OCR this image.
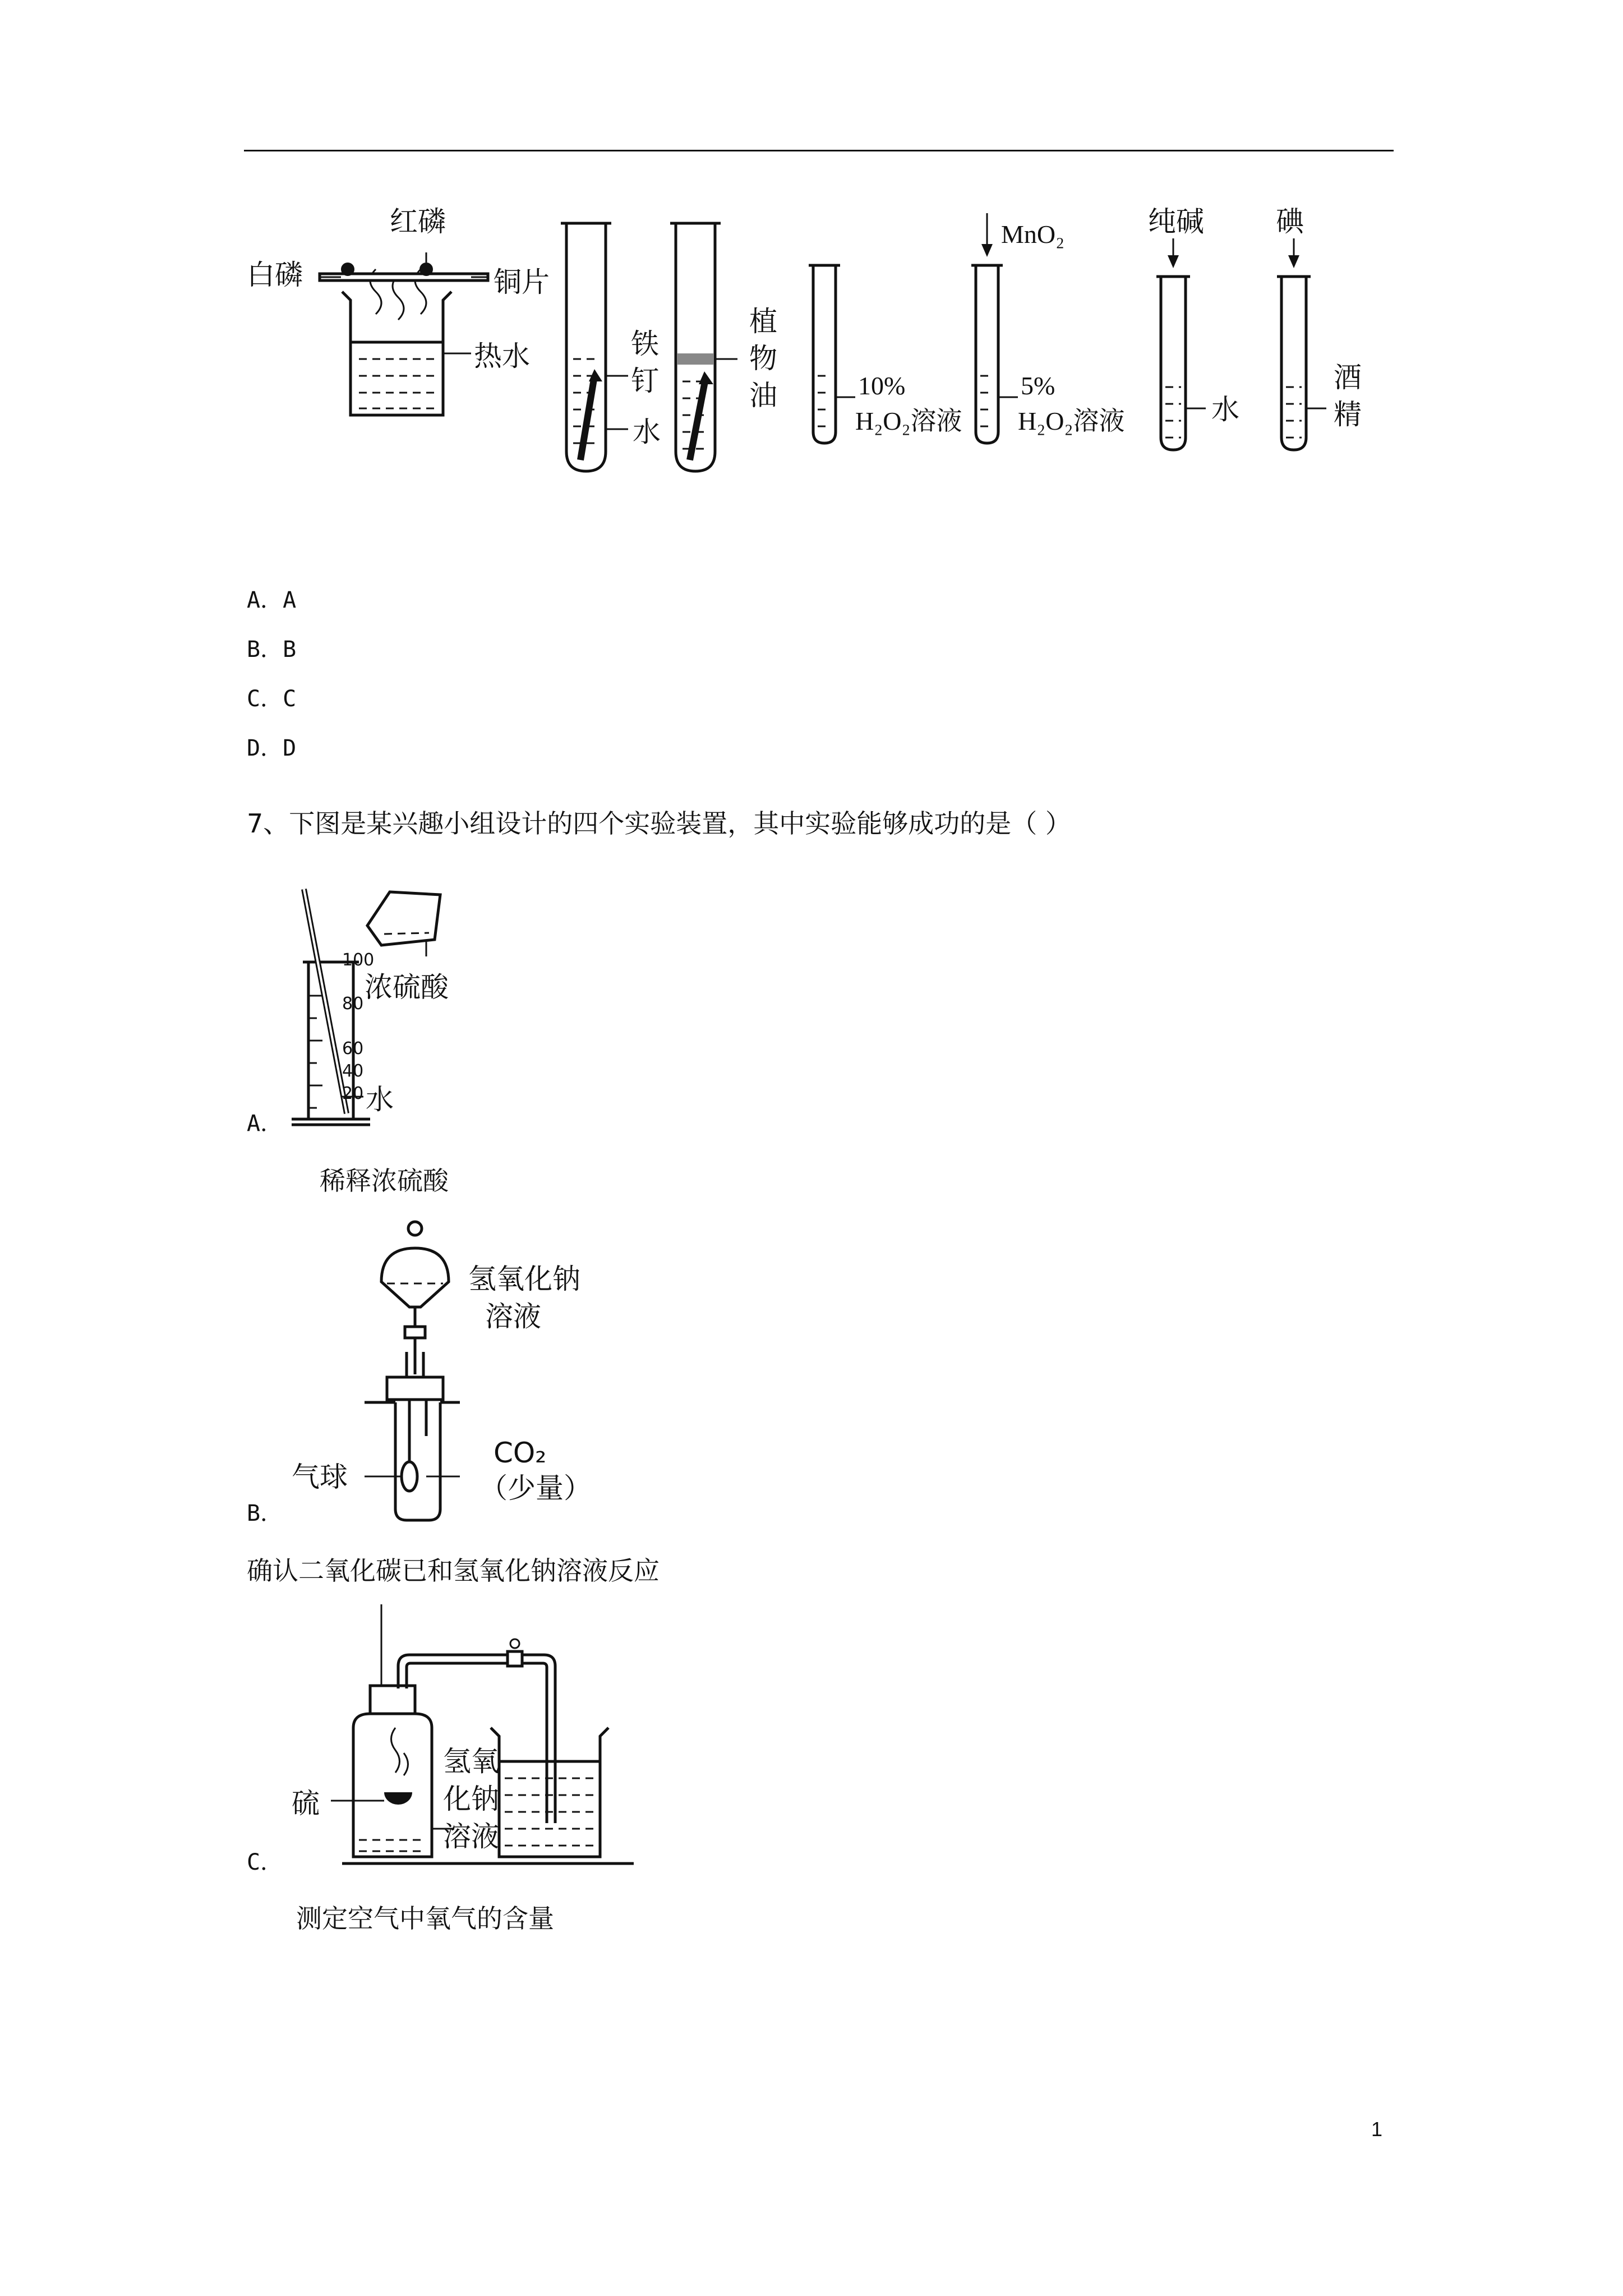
红磷
白磷	铜片
热水	铁钉
水
植物油	10%
H₂O₂溶液
MnO₂
5%
H₂O₂溶液
纯碱
水
碘
酒精
A．A
B．B
C．C
D．D
7、下图是某兴趣小组设计的四个实验装置，其中实验能够成功的是（ ）
100
80
60
40
20
浓硫酸
水
A．
稀释浓硫酸
氢氧化钠
溶液
气球
CO₂
（少量）
B．
确认二氧化碳已和氢氧化钠溶液反应
硫
氢氧
化钠
溶液
C．
测定空气中氧气的含量
1
